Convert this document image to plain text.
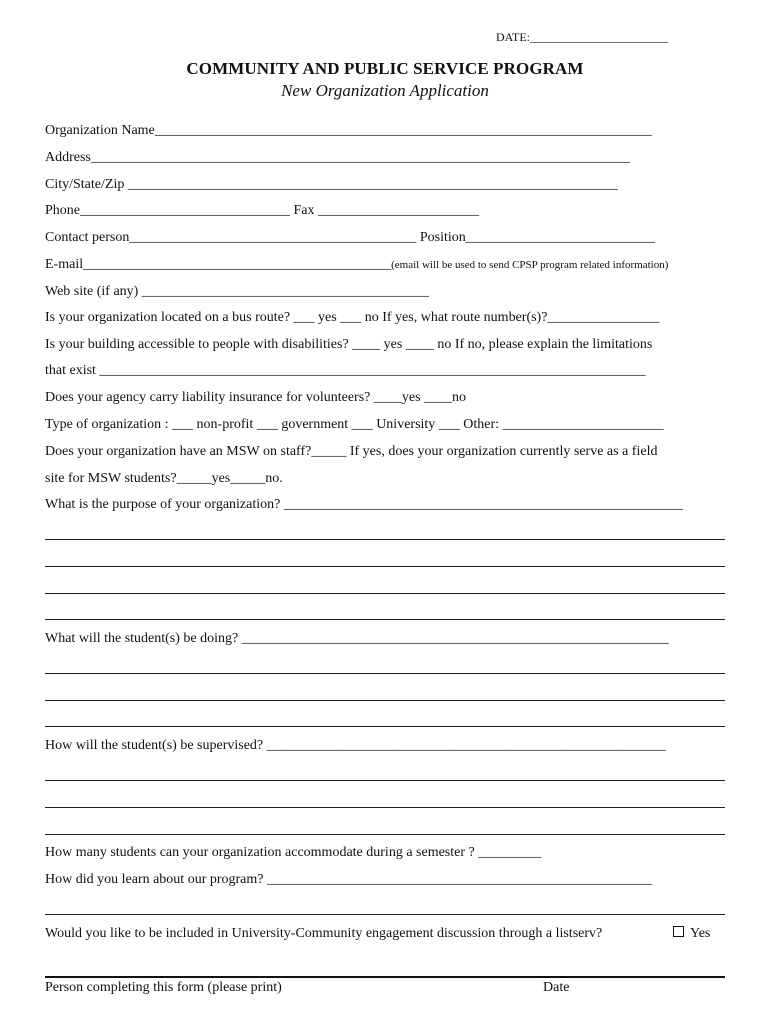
DATE:_______________________
COMMUNITY AND PUBLIC SERVICE PROGRAM
New Organization Application
Organization Name_______________________________________________________________________
Address_____________________________________________________________________________
City/State/Zip ______________________________________________________________________
Phone______________________________ Fax _______________________
Contact person_________________________________________ Position___________________________
E-mail____________________________________________(email will be used to send CPSP program related information)
Web site (if any) _________________________________________
Is your organization located on a bus route? ___ yes ___ no If yes, what route number(s)?________________
Is your building accessible to people with disabilities? ____ yes ____ no If no, please explain the limitations
that exist ______________________________________________________________________________
Does your agency carry liability insurance for volunteers? ____yes ____no
Type of organization : ___ non-profit ___ government ___ University ___ Other: _______________________
Does your organization have an MSW on staff?_____ If yes, does your organization currently serve as a field
site for MSW students?_____yes_____no.
What is the purpose of your organization? _________________________________________________________
What will the student(s) be doing? _____________________________________________________________
How will the student(s) be supervised? _________________________________________________________
How many students can your organization accommodate during a semester ? _________
How did you learn about our program? _______________________________________________________
Would you like to be included in University-Community engagement discussion through a listserv?	Yes
Person completing this form (please print)	Date
